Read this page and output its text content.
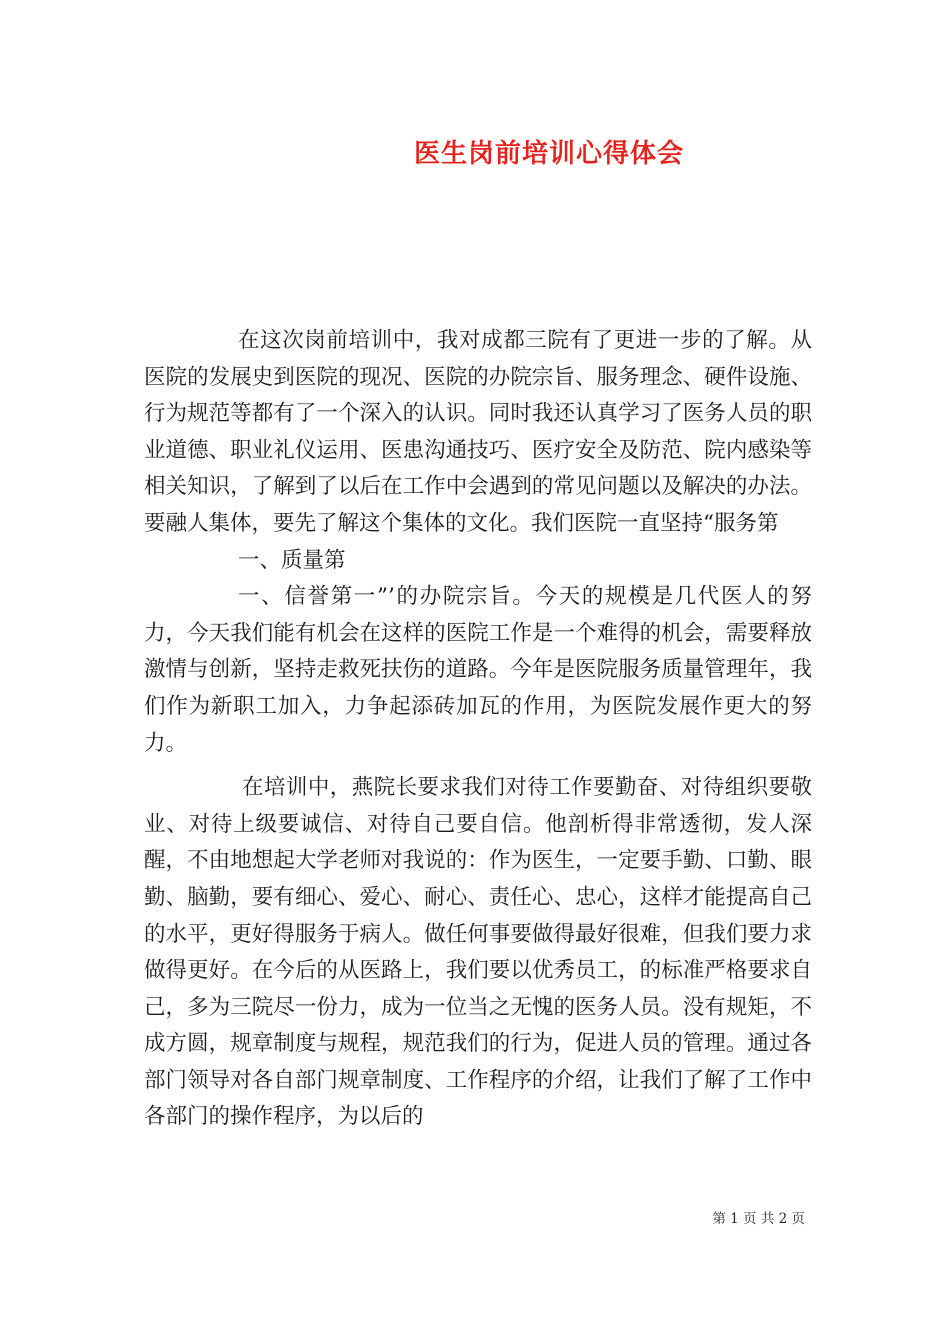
医生岗前培训心得体会

在这次岗前培训中，我对成都三院有了更进一步的了解。从医院的发展史到医院的现况、医院的办院宗旨、服务理念、硬件设施、行为规范等都有了一个深入的认识。同时我还认真学习了医务人员的职业道德、职业礼仪运用、医患沟通技巧、医疗安全及防范、院内感染等相关知识，了解到了以后在工作中会遇到的常见问题以及解决的办法。要融人集体，要先了解这个集体的文化。我们医院一直坚持“服务第

一、质量第

一、信誉第一”’的办院宗旨。今天的规模是几代医人的努力，今天我们能有机会在这样的医院工作是一个难得的机会，需要释放激情与创新，坚持走救死扶伤的道路。今年是医院服务质量管理年，我们作为新职工加入，力争起添砖加瓦的作用，为医院发展作更大的努力。

在培训中，燕院长要求我们对待工作要勤奋、对待组织要敬业、对待上级要诚信、对待自己要自信。他剖析得非常透彻，发人深醒，不由地想起大学老师对我说的：作为医生，一定要手勤、口勤、眼勤、脑勤，要有细心、爱心、耐心、责任心、忠心，这样才能提高自己的水平，更好得服务于病人。做任何事要做得最好很难，但我们要力求做得更好。在今后的从医路上，我们要以优秀员工，的标准严格要求自己，多为三院尽一份力，成为一位当之无愧的医务人员。没有规矩，不成方圆，规章制度与规程，规范我们的行为，促进人员的管理。通过各部门领导对各自部门规章制度、工作程序的介绍，让我们了解了工作中各部门的操作程序，为以后的

第 1 页 共 2 页
